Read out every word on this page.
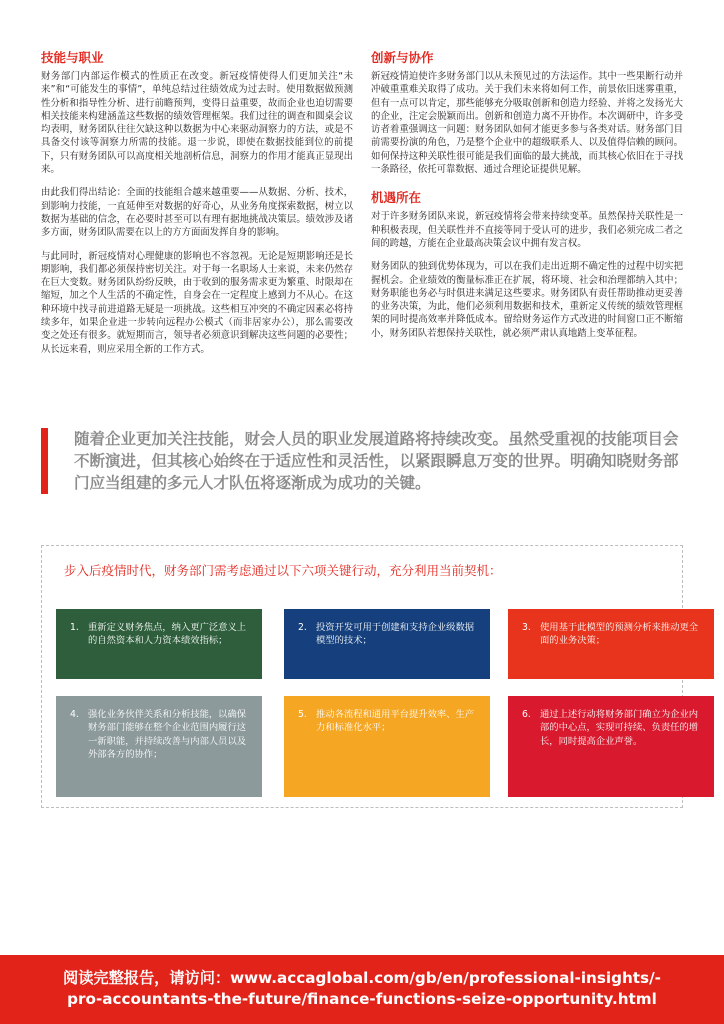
技能与职业

财务部门内部运作模式的性质正在改变。新冠疫情使得人们更加关注“未来”和“可能发生的事情”，单纯总结过往绩效成为过去时。使用数据做预测性分析和指导性分析、进行前瞻预判，变得日益重要，故而企业也迫切需要相关技能来构建涵盖这些数据的绩效管理框架。我们过往的调查和圆桌会议均表明，财务团队往往欠缺这种以数据为中心来驱动洞察力的方法，或是不具备交付该等洞察力所需的技能。退一步说，即使在数据技能到位的前提下，只有财务团队可以高度相关地剖析信息，洞察力的作用才能真正显现出来。

由此我们得出结论：全面的技能组合越来越重要——从数据、分析、技术，到影响力技能，一直延伸至对数据的好奇心，从业务角度探索数据，树立以数据为基础的信念，在必要时甚至可以有理有据地挑战决策层。绩效涉及诸多方面，财务团队需要在以上的方方面面发挥自身的影响。

与此同时，新冠疫情对心理健康的影响也不容忽视。无论是短期影响还是长期影响，我们都必须保持密切关注。对于每一名职场人士来说，未来仍然存在巨大变数。财务团队纷纷反映，由于收到的服务需求更为繁重、时限却在缩短，加之个人生活的不确定性，自身会在一定程度上感到力不从心。在这种环境中找寻前进道路无疑是一项挑战。这些相互冲突的不确定因素必将持续多年，如果企业进一步转向远程办公模式（而非居家办公），那么需要改变之处还有很多。就短期而言，领导者必须意识到解决这些问题的必要性；从长远来看，则应采用全新的工作方式。

创新与协作

新冠疫情迫使许多财务部门以从未预见过的方法运作。其中一些果断行动并冲破重重难关取得了成功。关于我们未来将如何工作，前景依旧迷雾重重，但有一点可以肯定，那些能够充分吸取创新和创造力经验、并将之发扬光大的企业，注定会脱颖而出。创新和创造力离不开协作。本次调研中，许多受访者着重强调这一问题：财务团队如何才能更多参与各类对话。财务部门目前需要扮演的角色，乃是整个企业中的超级联系人、以及值得信赖的顾问。如何保持这种关联性很可能是我们面临的最大挑战，而其核心依旧在于寻找一条路径，依托可靠数据、通过合理论证提供见解。

机遇所在

对于许多财务团队来说，新冠疫情将会带来持续变革。虽然保持关联性是一种积极表现，但关联性并不直接等同于受认可的进步，我们必须完成二者之间的跨越，方能在企业最高决策会议中拥有发言权。

财务团队的独到优势体现为，可以在我们走出近期不确定性的过程中切实把握机会。企业绩效的衡量标准正在扩展，将环境、社会和治理都纳入其中；财务职能也务必与时俱进来满足这些要求。财务团队有责任帮助推动更妥善的业务决策，为此，他们必须利用数据和技术，重新定义传统的绩效管理框架的同时提高效率并降低成本。留给财务运作方式改进的时间窗口正不断缩小，财务团队若想保持关联性，就必须严肃认真地踏上变革征程。

随着企业更加关注技能，财会人员的职业发展道路将持续改变。虽然受重视的技能项目会不断演进，但其核心始终在于适应性和灵活性，以紧跟瞬息万变的世界。明确知晓财务部门应当组建的多元人才队伍将逐渐成为成功的关键。
步入后疫情时代，财务部门需考虑通过以下六项关键行动，充分利用当前契机：
1. 重新定义财务焦点，纳入更广泛意义上的自然资本和人力资本绩效指标；
2. 投资开发可用于创建和支持企业级数据模型的技术；
3. 使用基于此模型的预测分析来推动更全面的业务决策；
4. 强化业务伙伴关系和分析技能，以确保财务部门能够在整个企业范围内履行这一新职能，并持续改善与内部人员以及外部各方的协作；
5. 推动各流程和通用平台提升效率、生产力和标准化水平；
6. 通过上述行动将财务部门确立为企业内部的中心点，实现可持续、负责任的增长，同时提高企业声誉。
阅读完整报告，请访问：www.accaglobal.com/gb/en/professional-insights/-
pro-accountants-the-future/finance-functions-seize-opportunity.html
